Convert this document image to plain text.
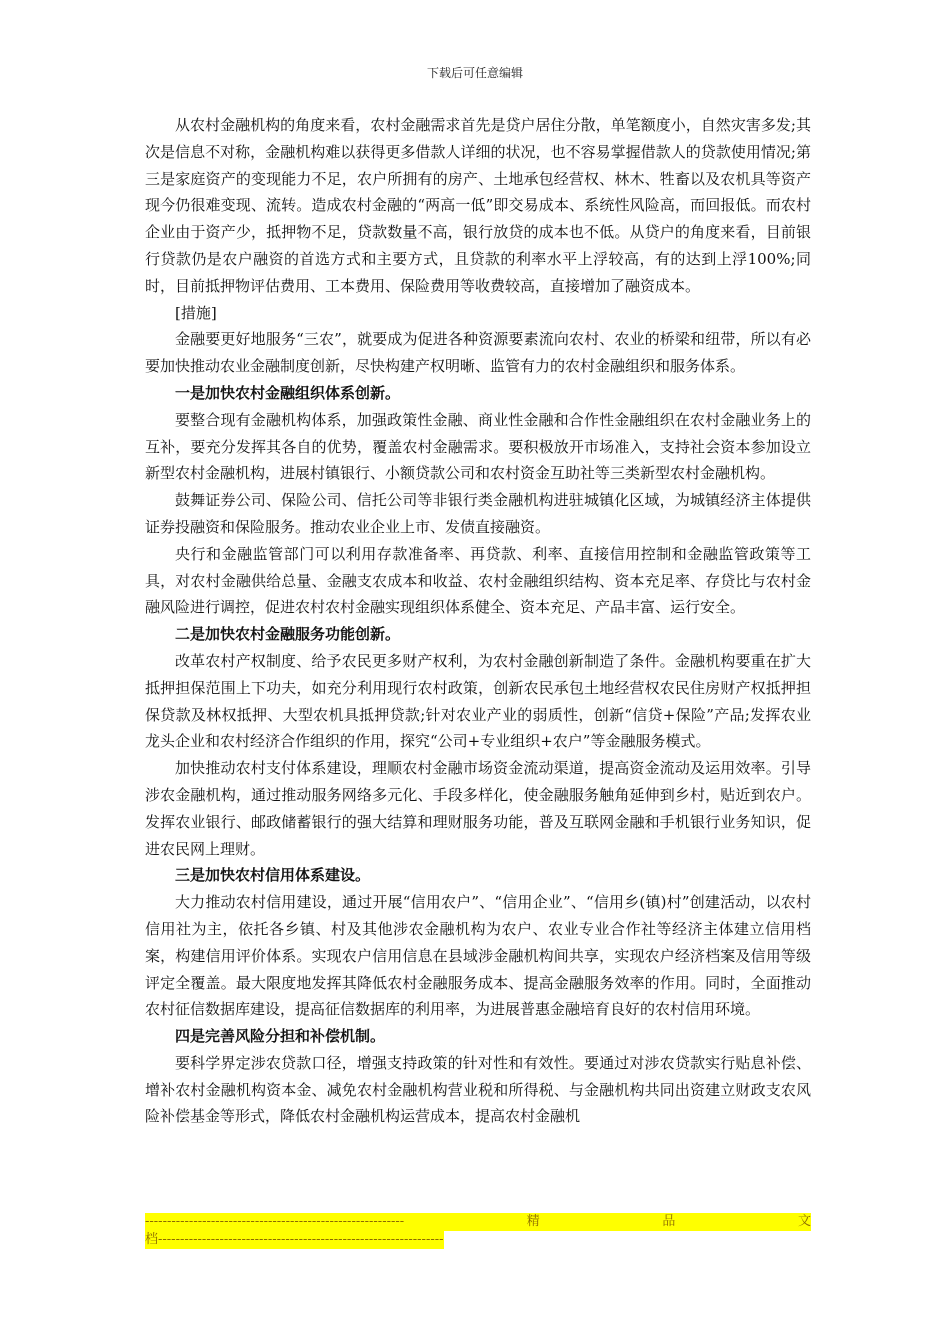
下载后可任意编辑

从农村金融机构的角度来看，农村金融需求首先是贷户居住分散，单笔额度小，自然灾害多发;其次是信息不对称，金融机构难以获得更多借款人详细的状况，也不容易掌握借款人的贷款使用情况;第三是家庭资产的变现能力不足，农户所拥有的房产、土地承包经营权、林木、牲畜以及农机具等资产现今仍很难变现、流转。造成农村金融的“两高一低”即交易成本、系统性风险高，而回报低。而农村企业由于资产少，抵押物不足，贷款数量不高，银行放贷的成本也不低。从贷户的角度来看，目前银行贷款仍是农户融资的首选方式和主要方式，且贷款的利率水平上浮较高，有的达到上浮100%;同时，目前抵押物评估费用、工本费用、保险费用等收费较高，直接增加了融资成本。

[措施]

金融要更好地服务“三农”，就要成为促进各种资源要素流向农村、农业的桥梁和纽带，所以有必要加快推动农业金融制度创新，尽快构建产权明晰、监管有力的农村金融组织和服务体系。

一是加快农村金融组织体系创新。

要整合现有金融机构体系，加强政策性金融、商业性金融和合作性金融组织在农村金融业务上的互补，要充分发挥其各自的优势，覆盖农村金融需求。要积极放开市场准入，支持社会资本参加设立新型农村金融机构，进展村镇银行、小额贷款公司和农村资金互助社等三类新型农村金融机构。

鼓舞证券公司、保险公司、信托公司等非银行类金融机构进驻城镇化区域，为城镇经济主体提供证券投融资和保险服务。推动农业企业上市、发债直接融资。

央行和金融监管部门可以利用存款准备率、再贷款、利率、直接信用控制和金融监管政策等工具，对农村金融供给总量、金融支农成本和收益、农村金融组织结构、资本充足率、存贷比与农村金融风险进行调控，促进农村农村金融实现组织体系健全、资本充足、产品丰富、运行安全。

二是加快农村金融服务功能创新。

改革农村产权制度、给予农民更多财产权利，为农村金融创新制造了条件。金融机构要重在扩大抵押担保范围上下功夫，如充分利用现行农村政策，创新农民承包土地经营权农民住房财产权抵押担保贷款及林权抵押、大型农机具抵押贷款;针对农业产业的弱质性，创新“信贷+保险”产品;发挥农业龙头企业和农村经济合作组织的作用，探究“公司+专业组织+农户”等金融服务模式。

加快推动农村支付体系建设，理顺农村金融市场资金流动渠道，提高资金流动及运用效率。引导涉农金融机构，通过推动服务网络多元化、手段多样化，使金融服务触角延伸到乡村，贴近到农户。发挥农业银行、邮政储蓄银行的强大结算和理财服务功能，普及互联网金融和手机银行业务知识，促进农民网上理财。

三是加快农村信用体系建设。

大力推动农村信用建设，通过开展“信用农户”、“信用企业”、“信用乡(镇)村”创建活动，以农村信用社为主，依托各乡镇、村及其他涉农金融机构为农户、农业专业合作社等经济主体建立信用档案，构建信用评价体系。实现农户信用信息在县域涉金融机构间共享，实现农户经济档案及信用等级评定全覆盖。最大限度地发挥其降低农村金融服务成本、提高金融服务效率的作用。同时，全面推动农村征信数据库建设，提高征信数据库的利用率，为进展普惠金融培育良好的农村信用环境。

四是完善风险分担和补偿机制。

要科学界定涉农贷款口径，增强支持政策的针对性和有效性。要通过对涉农贷款实行贴息补偿、增补农村金融机构资本金、减免农村金融机构营业税和所得税、与金融机构共同出资建立财政支农风险补偿基金等形式，降低农村金融机构运营成本，提高农村金融机

-----------------------------------------------------------	精	品	文
档-----------------------------------------------------------------
